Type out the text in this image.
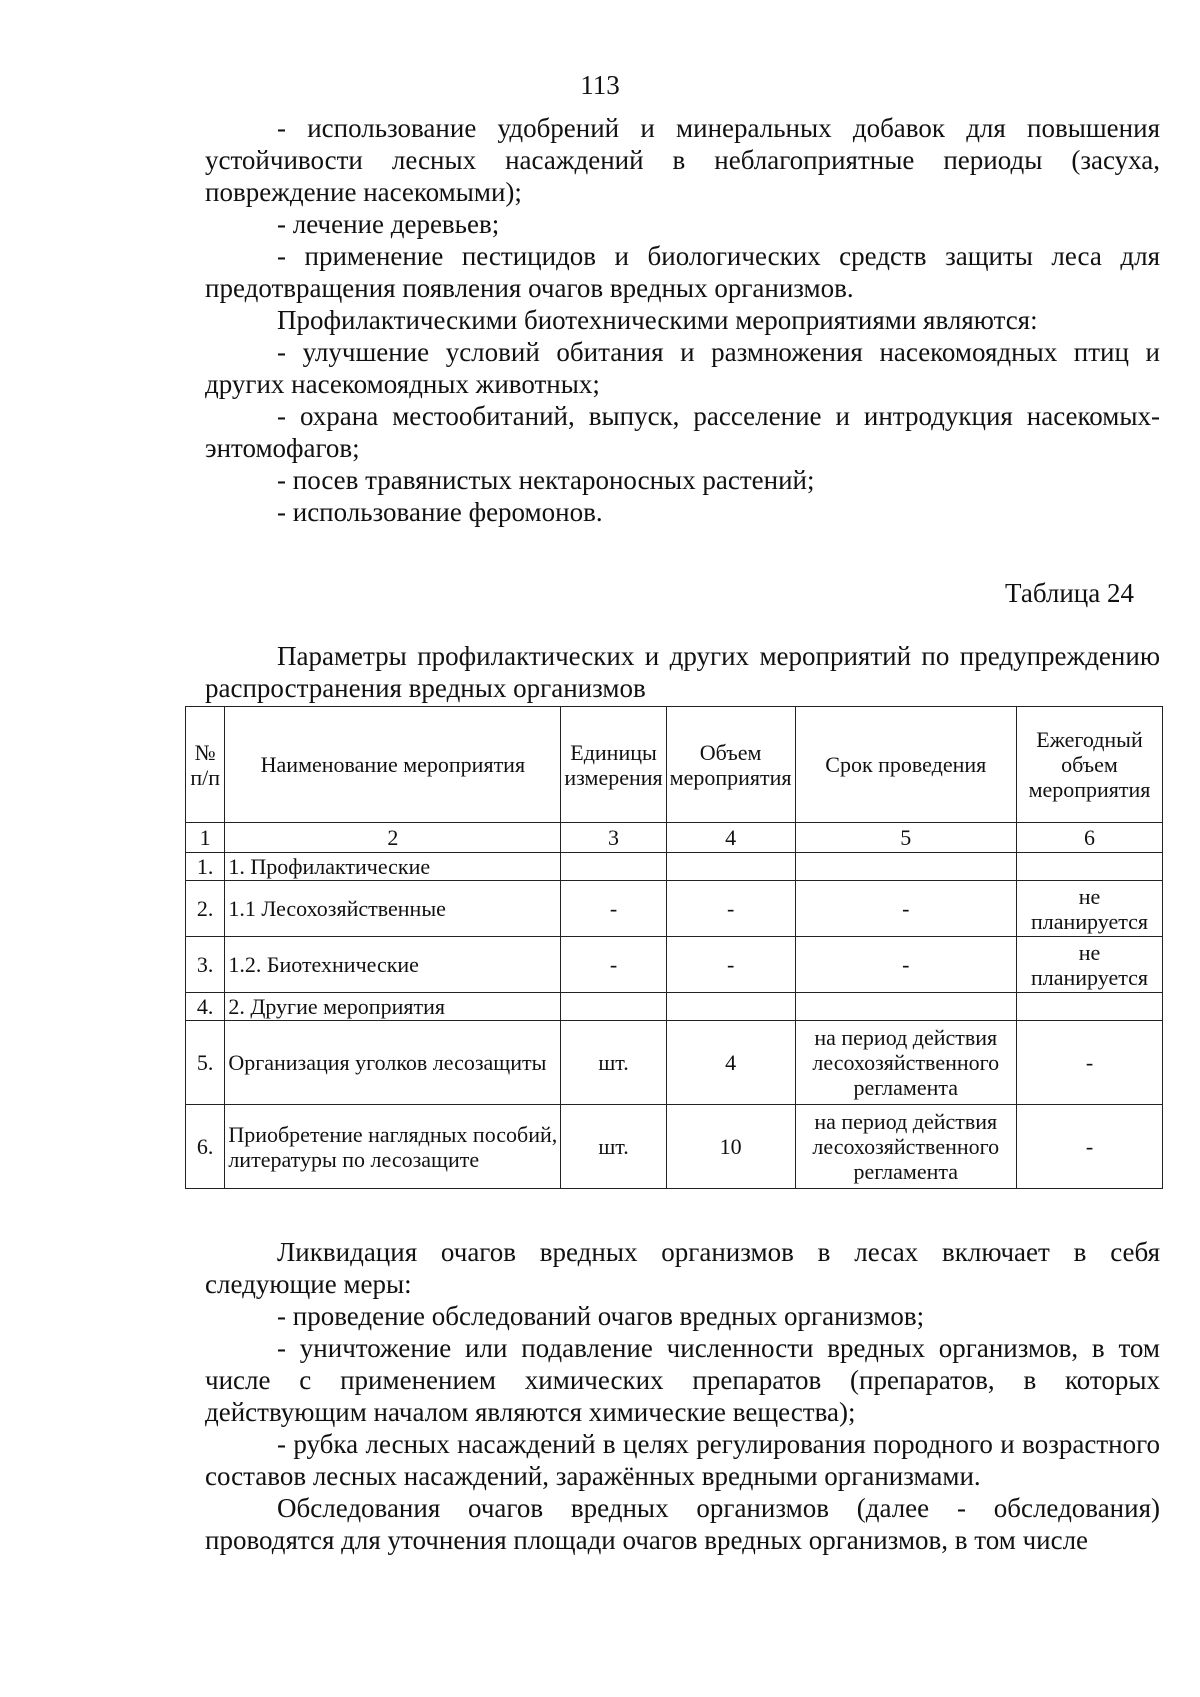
113

- использование удобрений и минеральных добавок для повышения устойчивости лесных насаждений в неблагоприятные периоды (засуха, повреждение насекомыми);

- лечение деревьев;

- применение пестицидов и биологических средств защиты леса для предотвращения появления очагов вредных организмов.

Профилактическими биотехническими мероприятиями являются:

- улучшение условий обитания и размножения насекомоядных птиц и других насекомоядных животных;

- охрана местообитаний, выпуск, расселение и интродукция насекомых-энтомофагов;

- посев травянистых нектароносных растений;

- использование феромонов.

Таблица 24

Параметры профилактических и других мероприятий по предупреждению распространения вредных организмов

№ п/п	Наименование мероприятия	Единицы измерения	Объем мероприятия	Срок проведения	Ежегодный объем мероприятия
1	2	3	4	5	6
1.	1. Профилактические				
2.	1.1 Лесохозяйственные	-	-	-	не планируется
3.	1.2. Биотехнические	-	-	-	не планируется
4.	2. Другие мероприятия				
5.	Организация уголков лесозащиты	шт.	4	на период действия лесохозяйственного регламента	-
6.	Приобретение наглядных пособий, литературы по лесозащите	шт.	10	на период действия лесохозяйственного регламента	-

Ликвидация очагов вредных организмов в лесах включает в себя следующие меры:

- проведение обследований очагов вредных организмов;

- уничтожение или подавление численности вредных организмов, в том числе с применением химических препаратов (препаратов, в которых действующим началом являются химические вещества);

- рубка лесных насаждений в целях регулирования породного и возрастного составов лесных насаждений, заражённых вредными организмами.

Обследования очагов вредных организмов (далее - обследования) проводятся для уточнения площади очагов вредных организмов, в том числе
